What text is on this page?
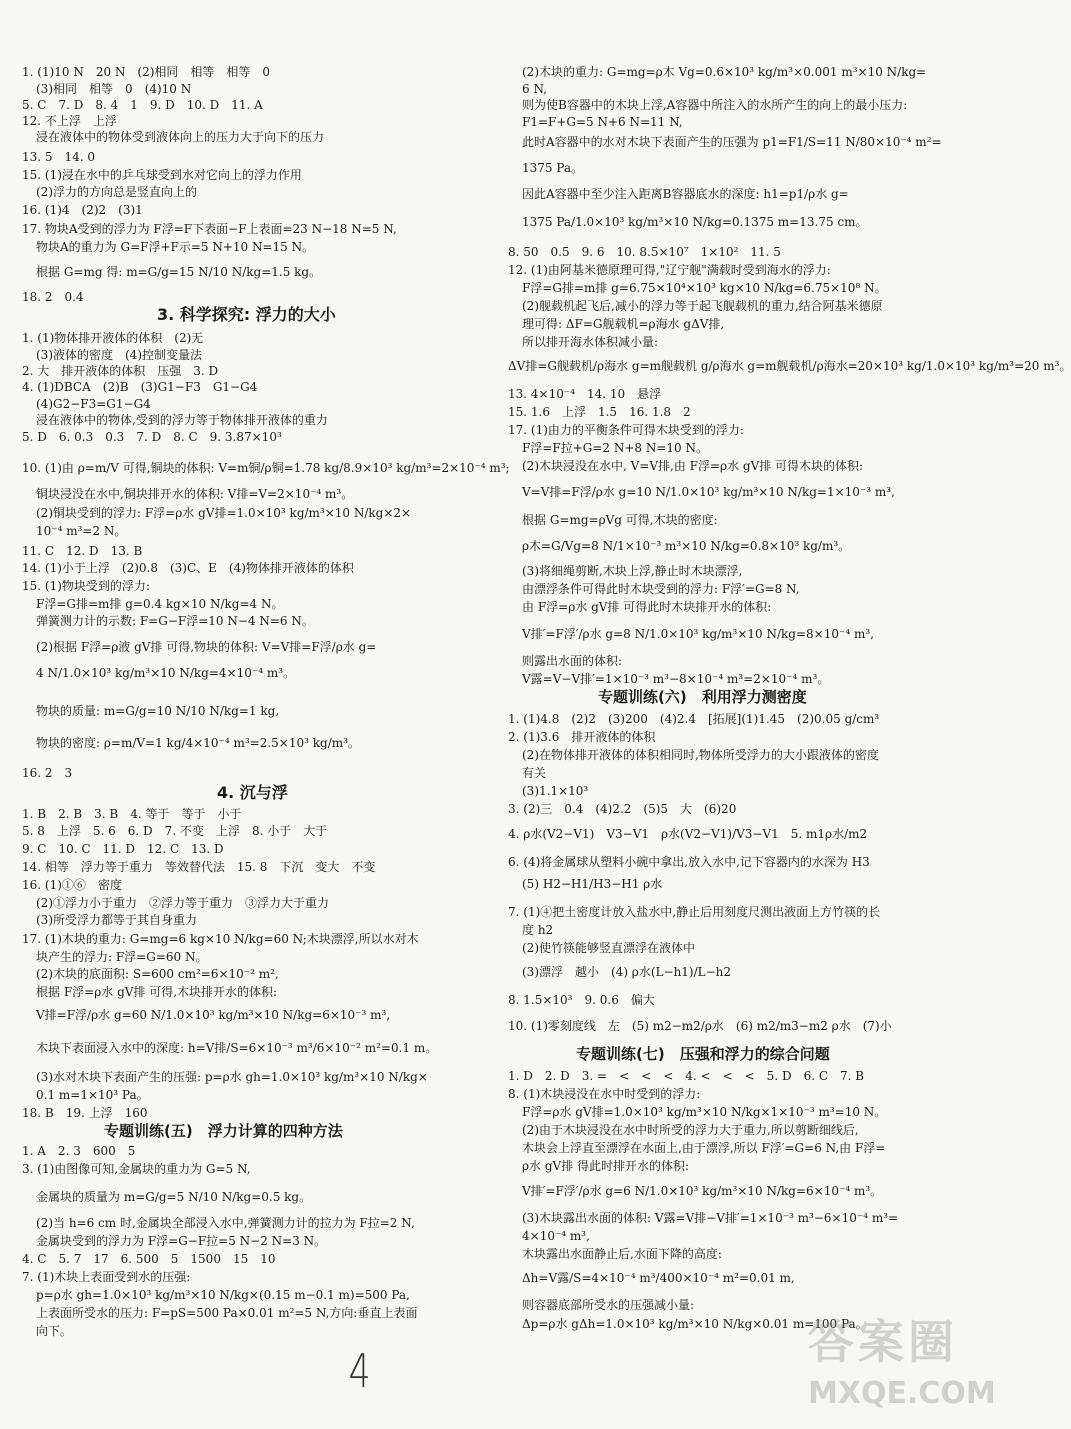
1. (1)10 N　20 N　(2)相同　相等　相等　0
(3)相同　相等　0　(4)10 N
5. C　7. D　8. 4　1　9. D　10. D　11. A
12. 不上浮　上浮
浸在液体中的物体受到液体向上的压力大于向下的压力
13. 5　14. 0
15. (1)浸在水中的乒乓球受到水对它向上的浮力作用
(2)浮力的方向总是竖直向上的
16. (1)4　(2)2　(3)1
17. 物块A受到的浮力为 F浮=F下表面−F上表面=23 N−18 N=5 N,
物块A的重力为 G=F浮+F示=5 N+10 N=15 N。
根据 G=mg 得: m=G/g=15 N/10 N/kg=1.5 kg。
18. 2　0.4
3. 科学探究: 浮力的大小
1. (1)物体排开液体的体积　(2)无
(3)液体的密度　(4)控制变量法
2. 大　排开液体的体积　压强　3. D
4. (1)DBCA　(2)B　(3)G1−F3　G1−G4
(4)G2−F3=G1−G4
浸在液体中的物体,受到的浮力等于物体排开液体的重力
5. D　6. 0.3　0.3　7. D　8. C　9. 3.87×10³
10. (1)由 ρ=m/V 可得,铜块的体积: V=m铜/ρ铜=1.78 kg/8.9×10³ kg/m³=2×10⁻⁴ m³;
铜块浸没在水中,铜块排开水的体积: V排=V=2×10⁻⁴ m³。
(2)铜块受到的浮力: F浮=ρ水 gV排=1.0×10³ kg/m³×10 N/kg×2×
10⁻⁴ m³=2 N。
11. C　12. D　13. B
14. (1)小于上浮　(2)0.8　(3)C、E　(4)物体排开液体的体积
15. (1)物块受到的浮力:
F浮=G排=m排 g=0.4 kg×10 N/kg=4 N。
弹簧测力计的示数: F=G−F浮=10 N−4 N=6 N。
(2)根据 F浮=ρ液 gV排 可得,物块的体积: V=V排=F浮/ρ水 g=
4 N/1.0×10³ kg/m³×10 N/kg=4×10⁻⁴ m³。
物块的质量: m=G/g=10 N/10 N/kg=1 kg,
物块的密度: ρ=m/V=1 kg/4×10⁻⁴ m³=2.5×10³ kg/m³。
16. 2　3
4. 沉与浮
1. B　2. B　3. B　4. 等于　等于　小于
5. 8　上浮　5. 6　6. D　7. 不变　上浮　8. 小于　大于
9. C　10. C　11. D　12. C　13. D
14. 相等　浮力等于重力　等效替代法　15. 8　下沉　变大　不变
16. (1)①⑥　密度
(2)①浮力小于重力　②浮力等于重力　③浮力大于重力
(3)所受浮力都等于其自身重力
17. (1)木块的重力: G=mg=6 kg×10 N/kg=60 N;木块漂浮,所以水对木
块产生的浮力: F浮=G=60 N。
(2)木块的底面积: S=600 cm²=6×10⁻² m²,
根据 F浮=ρ水 gV排 可得,木块排开水的体积:
V排=F浮/ρ水 g=60 N/1.0×10³ kg/m³×10 N/kg=6×10⁻³ m³,
木块下表面浸入水中的深度: h=V排/S=6×10⁻³ m³/6×10⁻² m²=0.1 m。
(3)水对木块下表面产生的压强: p=ρ水 gh=1.0×10³ kg/m³×10 N/kg×
0.1 m=1×10³ Pa。
18. B　19. 上浮　160
专题训练(五)　浮力计算的四种方法
1. A　2. 3　600　5
3. (1)由图像可知,金属块的重力为 G=5 N,
金属块的质量为 m=G/g=5 N/10 N/kg=0.5 kg。
(2)当 h=6 cm 时,金属块全部浸入水中,弹簧测力计的拉力为 F拉=2 N,
金属块受到的浮力为 F浮=G−F拉=5 N−2 N=3 N。
4. C　5. 7　17　6. 500　5　1500　15　10
7. (1)木块上表面受到水的压强:
p=ρ水 gh=1.0×10³ kg/m³×10 N/kg×(0.15 m−0.1 m)=500 Pa,
上表面所受水的压力: F=pS=500 Pa×0.01 m²=5 N,方向:垂直上表面
向下。
(2)木块的重力: G=mg=ρ木 Vg=0.6×10³ kg/m³×0.001 m³×10 N/kg=
6 N,
则为使B容器中的木块上浮,A容器中所注入的水所产生的向上的最小压力:
F1=F+G=5 N+6 N=11 N,
此时A容器中的水对木块下表面产生的压强为 p1=F1/S=11 N/80×10⁻⁴ m²=
1375 Pa。
因此A容器中至少注入距离B容器底水的深度: h1=p1/ρ水 g=
1375 Pa/1.0×10³ kg/m³×10 N/kg=0.1375 m=13.75 cm。
8. 50　0.5　9. 6　10. 8.5×10⁷　1×10²　11. 5
12. (1)由阿基米德原理可得,"辽宁舰"满载时受到海水的浮力:
F浮=G排=m排 g=6.75×10⁴×10³ kg×10 N/kg=6.75×10⁸ N。
(2)舰载机起飞后,减小的浮力等于起飞舰载机的重力,结合阿基米德原
理可得: ΔF=G舰载机=ρ海水 gΔV排,
所以排开海水体积减小量:
ΔV排=G舰载机/ρ海水 g=m舰载机 g/ρ海水 g=m舰载机/ρ海水=20×10³ kg/1.0×10³ kg/m³=20 m³。
13. 4×10⁻⁴　14. 10　悬浮
15. 1.6　上浮　1.5　16. 1.8　2
17. (1)由力的平衡条件可得木块受到的浮力:
F浮=F拉+G=2 N+8 N=10 N。
(2)木块浸没在水中, V=V排,由 F浮=ρ水 gV排 可得木块的体积:
V=V排=F浮/ρ水 g=10 N/1.0×10³ kg/m³×10 N/kg=1×10⁻³ m³,
根据 G=mg=ρVg 可得,木块的密度:
ρ木=G/Vg=8 N/1×10⁻³ m³×10 N/kg=0.8×10³ kg/m³。
(3)将细绳剪断,木块上浮,静止时木块漂浮,
由漂浮条件可得此时木块受到的浮力: F浮′=G=8 N,
由 F浮=ρ水 gV排 可得此时木块排开水的体积:
V排′=F浮′/ρ水 g=8 N/1.0×10³ kg/m³×10 N/kg=8×10⁻⁴ m³,
则露出水面的体积:
V露=V−V排′=1×10⁻³ m³−8×10⁻⁴ m³=2×10⁻⁴ m³。
专题训练(六)　利用浮力测密度
1. (1)4.8　(2)2　(3)200　(4)2.4　[拓展](1)1.45　(2)0.05 g/cm³
2. (1)3.6　排开液体的体积
(2)在物体排开液体的体积相同时,物体所受浮力的大小跟液体的密度
有关
(3)1.1×10³
3. (2)三　0.4　(4)2.2　(5)5　大　(6)20
4. ρ水(V2−V1)　V3−V1　ρ水(V2−V1)/V3−V1　5. m1ρ水/m2
6. (4)将金属球从塑料小碗中拿出,放入水中,记下容器内的水深为 H3
(5) H2−H1/H3−H1 ρ水
7. (1)④把土密度计放入盐水中,静止后用刻度尺测出液面上方竹筷的长
度 h2
(2)使竹筷能够竖直漂浮在液体中
(3)漂浮　越小　(4) ρ水(L−h1)/L−h2
8. 1.5×10³　9. 0.6　偏大
10. (1)零刻度线　左　(5) m2−m2/ρ水　(6) m2/m3−m2 ρ水　(7)小
专题训练(七)　压强和浮力的综合问题
1. D　2. D　3. =　<　<　<　4. <　<　<　5. D　6. C　7. B
8. (1)木块浸没在水中时受到的浮力:
F浮=ρ水 gV排=1.0×10³ kg/m³×10 N/kg×1×10⁻³ m³=10 N。
(2)由于木块浸没在水中时所受的浮力大于重力,所以剪断细线后,
木块会上浮直至漂浮在水面上,由于漂浮,所以 F浮′=G=6 N,由 F浮=
ρ水 gV排 得此时排开水的体积:
V排′=F浮′/ρ水 g=6 N/1.0×10³ kg/m³×10 N/kg=6×10⁻⁴ m³。
(3)木块露出水面的体积: V露=V排−V排′=1×10⁻³ m³−6×10⁻⁴ m³=
4×10⁻⁴ m³,
木块露出水面静止后,水面下降的高度:
Δh=V露/S=4×10⁻⁴ m³/400×10⁻⁴ m²=0.01 m,
则容器底部所受水的压强减小量:
Δp=ρ水 gΔh=1.0×10³ kg/m³×10 N/kg×0.01 m=100 Pa。
4
答案圈
MXQE.COM
